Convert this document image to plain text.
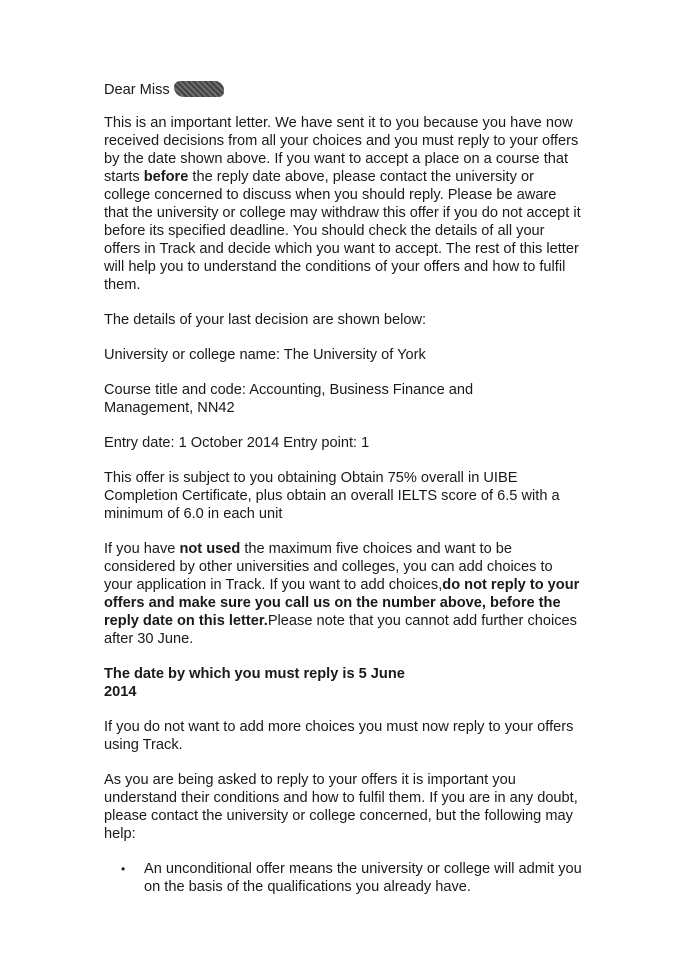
Dear Miss

This is an important letter. We have sent it to you because you have now received decisions from all your choices and you must reply to your offers by the date shown above. If you want to accept a place on a course that starts before the reply date above, please contact the university or college concerned to discuss when you should reply. Please be aware that the university or college may withdraw this offer if you do not accept it before its specified deadline. You should check the details of all your offers in Track and decide which you want to accept. The rest of this letter will help you to understand the conditions of your offers and how to fulfil them.

The details of your last decision are shown below:

University or college name: The University of York

Course title and code: Accounting, Business Finance and Management, NN42

Entry date: 1 October 2014 Entry point: 1

This offer is subject to you obtaining Obtain 75% overall in UIBE Completion Certificate, plus obtain an overall IELTS score of 6.5 with a minimum of 6.0 in each unit

If you have not used the maximum five choices and want to be considered by other universities and colleges, you can add choices to your application in Track. If you want to add choices,do not reply to your offers and make sure you call us on the number above, before the reply date on this letter.Please note that you cannot add further choices after 30 June.

The date by which you must reply is 5 June 2014

If you do not want to add more choices you must now reply to your offers using Track.

As you are being asked to reply to your offers it is important you understand their conditions and how to fulfil them. If you are in any doubt, please contact the university or college concerned, but the following may help:

• An unconditional offer means the university or college will admit you on the basis of the qualifications you already have.
